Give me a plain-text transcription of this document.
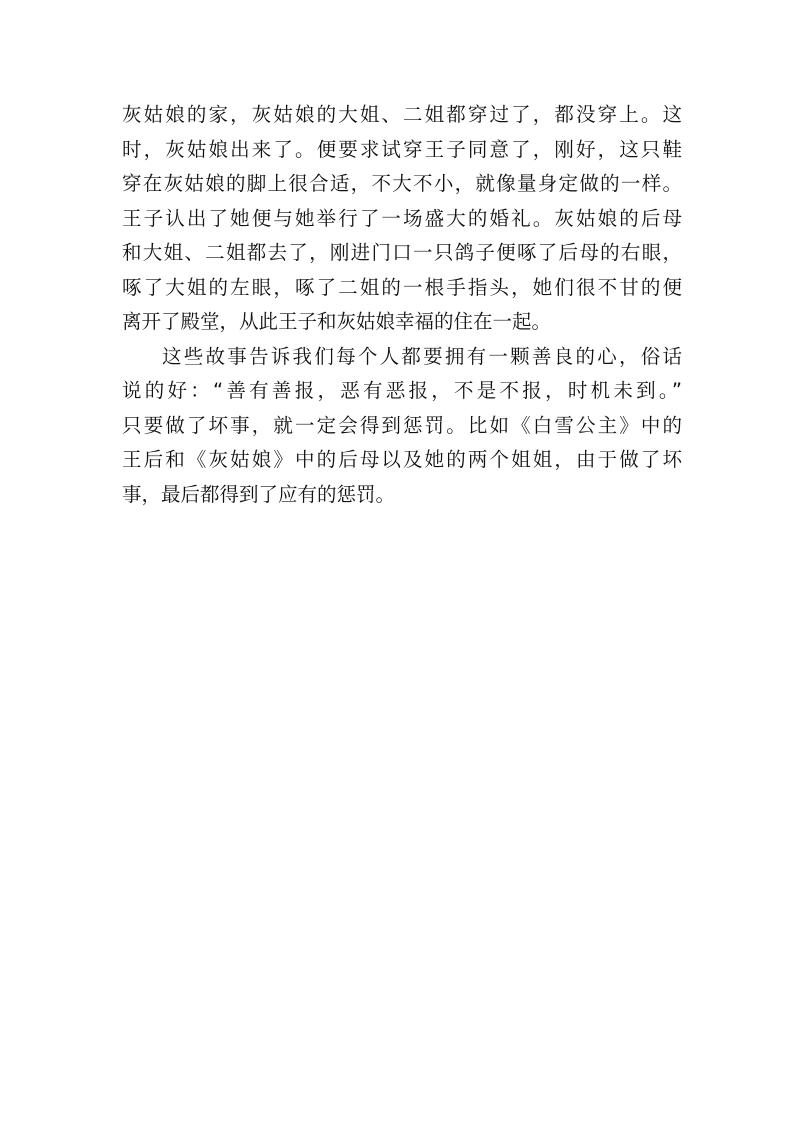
灰姑娘的家，灰姑娘的大姐、二姐都穿过了，都没穿上。这
时，灰姑娘出来了。便要求试穿王子同意了，刚好，这只鞋
穿在灰姑娘的脚上很合适，不大不小，就像量身定做的一样。
王子认出了她便与她举行了一场盛大的婚礼。灰姑娘的后母
和大姐、二姐都去了，刚进门口一只鸽子便啄了后母的右眼，
啄了大姐的左眼，啄了二姐的一根手指头，她们很不甘的便
离开了殿堂，从此王子和灰姑娘幸福的住在一起。
这些故事告诉我们每个人都要拥有一颗善良的心，俗话
说的好：“善有善报，恶有恶报，不是不报，时机未到。”
只要做了坏事，就一定会得到惩罚。比如《白雪公主》中的
王后和《灰姑娘》中的后母以及她的两个姐姐，由于做了坏
事，最后都得到了应有的惩罚。
